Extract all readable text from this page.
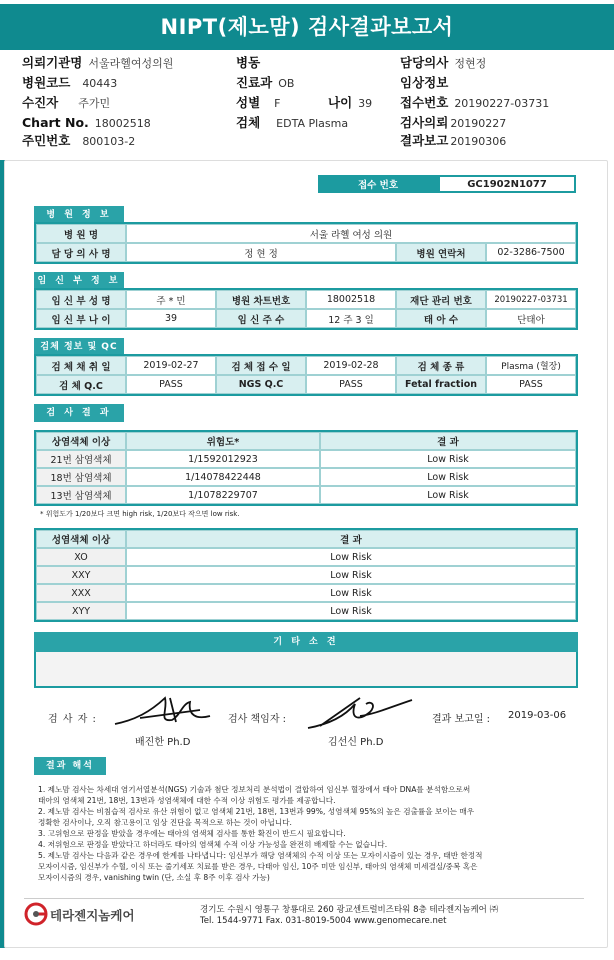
NIPT(제노맘) 검사결과보고서
의뢰기관명 서울라헬여성의원
병원코드 40443
수진자 주가민
Chart No. 18002518
주민번호 800103-2
병동
진료과 OB
성별 F	나이 39
검체 EDTA Plasma
담당의사 정현정
임상정보
접수번호 20190227-03731
검사의뢰 20190227
결과보고 20190306
접수 번호	GC1902N1077
병 원 정 보
병 원 명	서울 라헬 여성 의원
담 당 의 사 명	정 현 정	병원 연락처	02-3286-7500
임 신 부 정 보
임 신 부 성 명	주 * 민	병원 차트번호	18002518	재단 관리 번호	20190227-03731
임 신 부 나 이	39	임 신 주 수	12 주 3 일	태 아 수	단태아
검체 정보 및 QC
검 체 채 취 일	2019-02-27	검 체 접 수 일	2019-02-28	검 체 종 류	Plasma (혈장)
검 체 Q.C	PASS	NGS Q.C	PASS	Fetal fraction	PASS
검 사 결 과
상염색체 이상	위험도*	결 과
21번 삼염색체	1/1592012923	Low Risk
18번 삼염색체	1/14078422448	Low Risk
13번 삼염색체	1/1078229707	Low Risk
* 위험도가 1/20보다 크면 high risk, 1/20보다 작으면 low risk.
성염색체 이상	결 과
XO	Low Risk
XXY	Low Risk
XXX	Low Risk
XYY	Low Risk
기 타 소 견
검 사 자 :
배진한 Ph.D
검사 책임자 :
김선신 Ph.D
결과 보고일 : 2019-03-06
결과 해석
1. 제노맘 검사는 차세대 염기서열분석(NGS) 기술과 첨단 정보처리 분석법이 결합하여 임신부 혈장에서 태아 DNA를 분석함으로써
태아의 염색체 21번, 18번, 13번과 성염색체에 대한 수적 이상 위험도 평가를 제공합니다.
2. 제노맘 검사는 비침습적 검사로 유산 위험이 없고 염색체 21번, 18번, 13번과 99%, 성염색체 95%의 높은 검출률을 보이는 매우
정확한 검사이나, 오직 참고용이고 임상 진단을 목적으로 하는 것이 아닙니다.
3. 고위험으로 판정을 받았을 경우에는 태아의 염색체 검사를 통한 확진이 반드시 필요합니다.
4. 저위험으로 판정을 받았다고 하더라도 태아의 염색체 수적 이상 가능성을 완전히 배제할 수는 없습니다.
5. 제노맘 검사는 다음과 같은 경우에 한계를 나타냅니다: 임신부가 해당 염색체의 수적 이상 또는 모자이시즘이 있는 경우, 태반 한정적
모자이시즘, 임신부가 수혈, 이식 또는 줄기세포 치료를 받은 경우, 다태아 임신, 10주 미만 임신부, 태아의 염색체 미세결실/중복 혹은
모자이시즘의 경우, vanishing twin (단, 소실 후 8주 이후 검사 가능)
테라젠지놈케어	경기도 수원시 영통구 창룡대로 260 광교센트럴비즈타워 8층 테라젠지놈케어 ㈜
Tel. 1544-9771 Fax. 031-8019-5004 www.genomecare.net
